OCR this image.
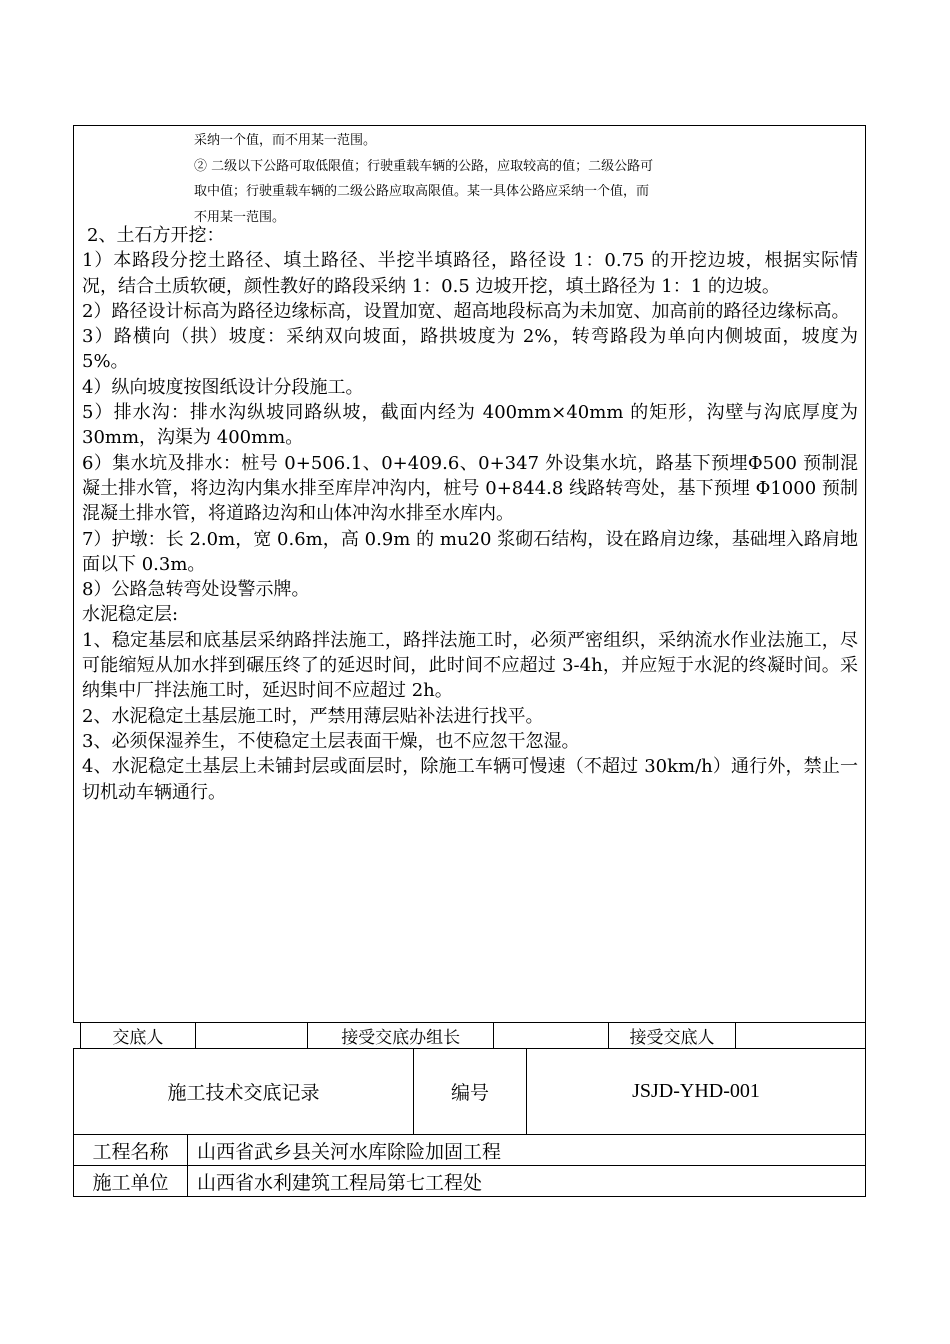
采纳一个值，而不用某一范围。
② 二级以下公路可取低限值；行驶重载车辆的公路，应取较高的值；二级公路可
取中值；行驶重载车辆的二级公路应取高限值。某一具体公路应采纳一个值，而
不用某一范围。

2、土石方开挖：

1）本路段分挖土路径、填土路径、半挖半填路径，路径设 1：0.75 的开挖边坡，根据实际情况，结合土质软硬，颜性教好的路段采纳 1：0.5 边坡开挖，填土路径为 1：1 的边坡。

2）路径设计标高为路径边缘标高，设置加宽、超高地段标高为未加宽、加高前的路径边缘标高。

3）路横向（拱）坡度：采纳双向坡面，路拱坡度为 2%，转弯路段为单向内侧坡面，坡度为 5%。

4）纵向坡度按图纸设计分段施工。

5）排水沟：排水沟纵坡同路纵坡，截面内经为 400mm×40mm 的矩形，沟壁与沟底厚度为 30mm，沟渠为 400mm。

6）集水坑及排水：桩号 0+506.1、0+409.6、0+347 外设集水坑，路基下预埋Φ500 预制混凝土排水管，将边沟内集水排至库岸冲沟内，桩号 0+844.8 线路转弯处，基下预埋 Φ1000 预制混凝土排水管，将道路边沟和山体冲沟水排至水库内。

7）护墩：长 2.0m，宽 0.6m，高 0.9m 的 mu20 浆砌石结构，设在路肩边缘，基础埋入路肩地面以下 0.3m。

8）公路急转弯处设警示牌。

水泥稳定层:

1、稳定基层和底基层采纳路拌法施工，路拌法施工时，必须严密组织，采纳流水作业法施工，尽可能缩短从加水拌到碾压终了的延迟时间，此时间不应超过 3-4h，并应短于水泥的终凝时间。采纳集中厂拌法施工时，延迟时间不应超过 2h。

2、水泥稳定土基层施工时，严禁用薄层贴补法进行找平。

3、必须保湿养生，不使稳定土层表面干燥，也不应忽干忽湿。

4、水泥稳定土基层上未铺封层或面层时，除施工车辆可慢速（不超过 30km/h）通行外，禁止一切机动车辆通行。

交底人	接受交底办组长	接受交底人
施工技术交底记录	编号	JSJD-YHD-001
工程名称	山西省武乡县关河水库除险加固工程
施工单位	山西省水利建筑工程局第七工程处
